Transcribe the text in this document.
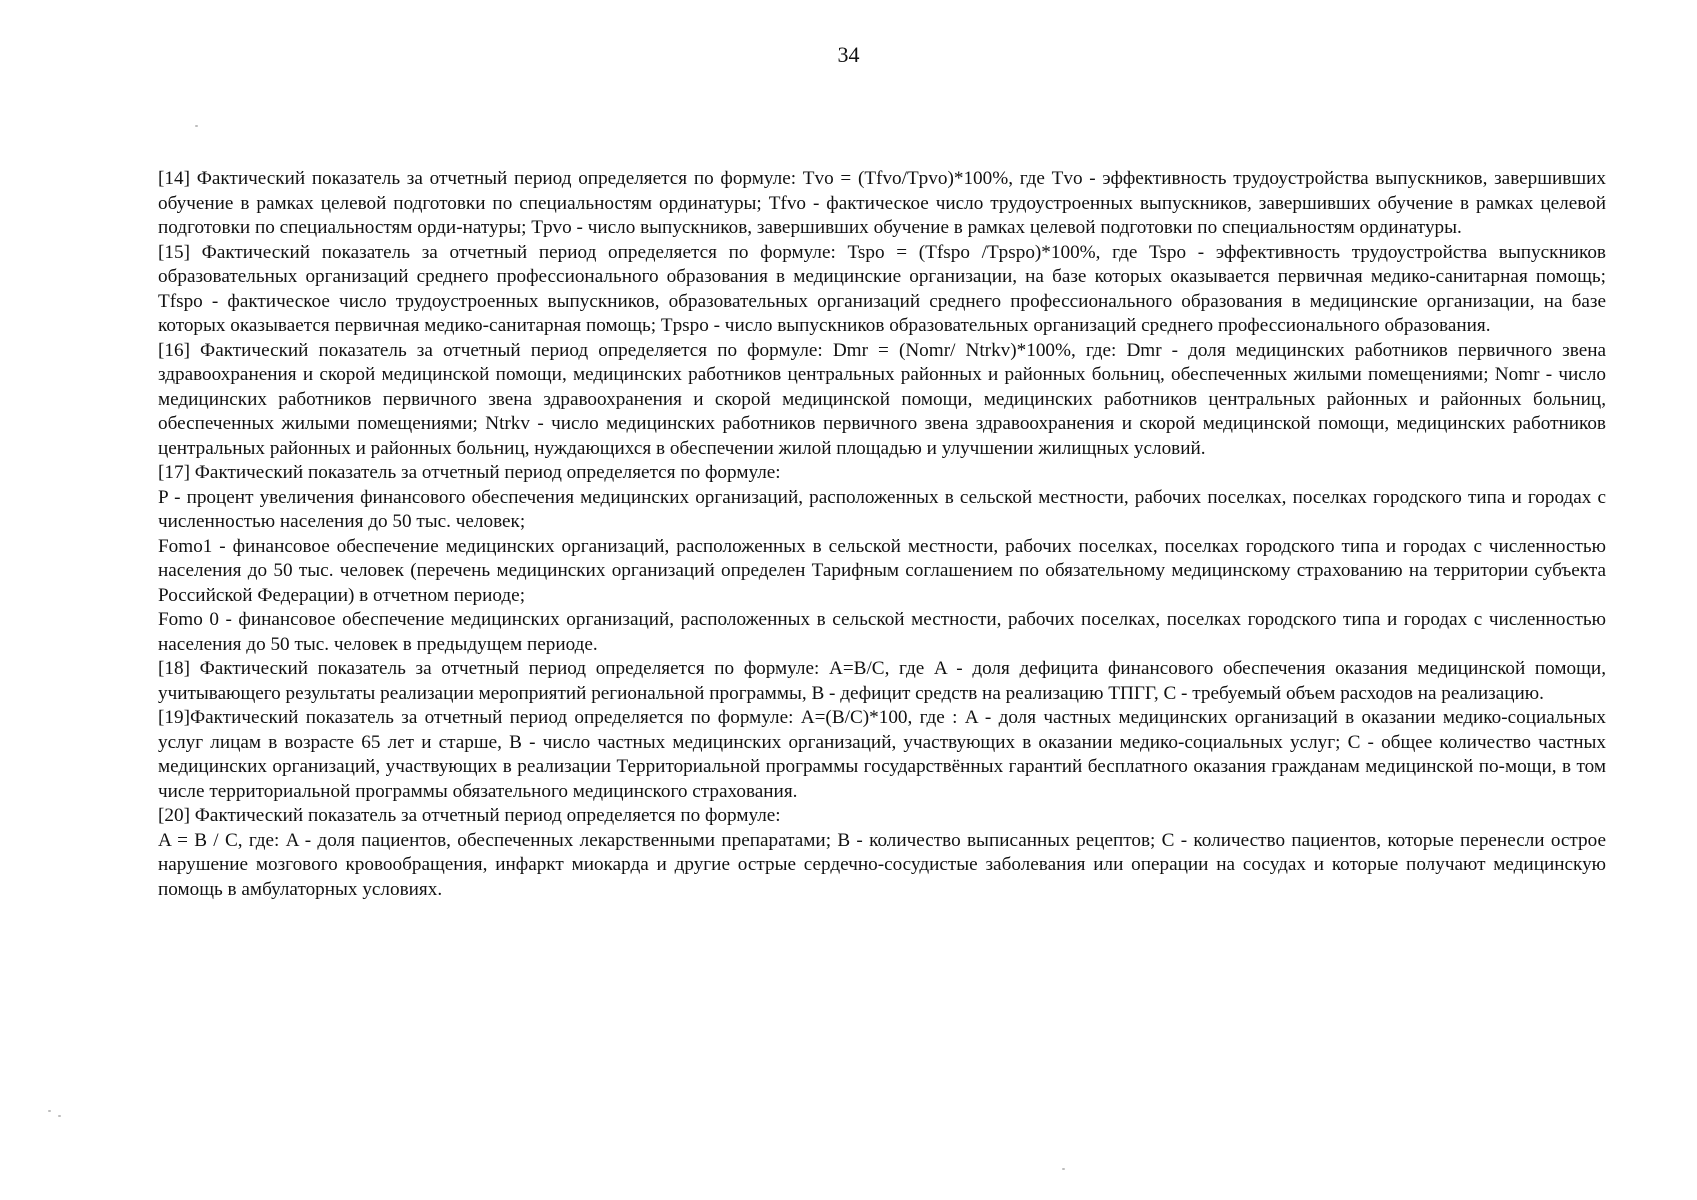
34

[14] Фактический показатель за отчетный период определяется по формуле: Tvo = (Tfvo/Tpvo)*100%, где Tvo - эффективность трудоустройства выпускников, завершивших обучение в рамках целевой подготовки по специальностям ординатуры; Tfvo - фактическое число трудоустроенных выпускников, завершивших обучение в рамках целевой подготовки по специальностям орди-натуры; Tpvo - число выпускников, завершивших обучение в рамках целевой подготовки по специальностям ординатуры.

[15] Фактический показатель за отчетный период определяется по формуле: Tspo = (Tfspo /Tpspo)*100%, где Tspo - эффективность трудоустройства выпускников образовательных организаций среднего профессионального образования в медицинские организации, на базе которых оказывается первичная медико-санитарная помощь; Tfspo - фактическое число трудоустроенных выпускников, образовательных организаций среднего профессионального образования в медицинские организации, на базе которых оказывается первичная медико-санитарная помощь; Tpspo - число выпускников образовательных организаций среднего профессионального образования.

[16] Фактический показатель за отчетный период определяется по формуле: Dmr = (Nomr/ Ntrkv)*100%, где: Dmr - доля медицинских работников первичного звена здравоохранения и скорой медицинской помощи, медицинских работников центральных районных и районных больниц, обеспеченных жилыми помещениями; Nomr - число медицинских работников первичного звена здравоохранения и скорой медицинской помощи, медицинских работников центральных районных и районных больниц, обеспеченных жилыми помещениями; Ntrkv - число медицинских работников первичного звена здравоохранения и скорой медицинской помощи, медицинских работников центральных районных и районных больниц, нуждающихся в обеспечении жилой площадью и улучшении жилищных условий.

[17] Фактический показатель за отчетный период определяется по формуле:

P - процент увеличения финансового обеспечения медицинских организаций, расположенных в сельской местности, рабочих поселках, поселках городского типа и городах с численностью населения до 50 тыс. человек;

Fomo1 - финансовое обеспечение медицинских организаций, расположенных в сельской местности, рабочих поселках, поселках городского типа и городах с численностью населения до 50 тыс. человек (перечень медицинских организаций определен Тарифным соглашением по обязательному медицинскому страхованию на территории субъекта Российской Федерации) в отчетном периоде;

Fomo 0 - финансовое обеспечение медицинских организаций, расположенных в сельской местности, рабочих поселках, поселках городского типа и городах с численностью населения до 50 тыс. человек в предыдущем периоде.

[18] Фактический показатель за отчетный период определяется по формуле: A=B/C, где A - доля дефицита финансового обеспечения оказания медицинской помощи, учитывающего результаты реализации мероприятий региональной программы, B - дефицит средств на реализацию ТПГГ, C - требуемый объем расходов на реализацию.

[19]Фактический показатель за отчетный период определяется по формуле: A=(B/C)*100, где : A - доля частных медицинских организаций в оказании медико-социальных услуг лицам в возрасте 65 лет и старше, B - число частных медицинских организаций, участвующих в оказании медико-социальных услуг; C - общее количество частных медицинских организаций, участвующих в реализации Территориальной программы государствённых гарантий бесплатного оказания гражданам медицинской по-мощи, в том числе территориальной программы обязательного медицинского страхования.

[20] Фактический показатель за отчетный период определяется по формуле:

A = B / C, где: A - доля пациентов, обеспеченных лекарственными препаратами; B - количество выписанных рецептов; C - количество пациентов, которые перенесли острое нарушение мозгового кровообращения, инфаркт миокарда и другие острые сердечно-сосудистые заболевания или операции на сосудах и которые получают медицинскую помощь в амбулаторных условиях.
